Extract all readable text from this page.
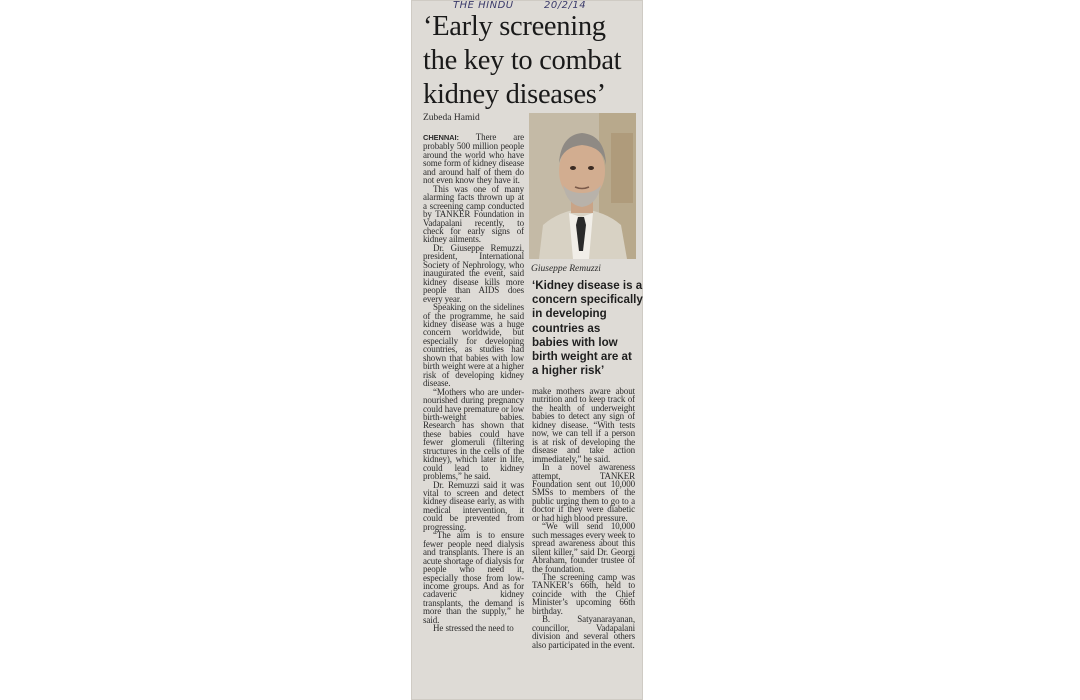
THE HINDU	20/2/14
‘Early screening
the key to combat
kidney diseases’
Zubeda Hamid

CHENNAI: There are probably 500 million people around the world who have some form of kidney disease and around half of them do not even know they have it.

This was one of many alarming facts thrown up at a screening camp conducted by TANKER Foundation in Vadapalani recently, to check for early signs of kidney ailments.

Dr. Giuseppe Remuzzi, president, International Society of Nephrology, who inaugurated the event, said kidney disease kills more people than AIDS does every year.

Speaking on the sidelines of the programme, he said kidney disease was a huge concern worldwide, but especially for developing countries, as studies had shown that babies with low birth weight were at a higher risk of developing kidney disease.

“Mothers who are under-nourished during pregnancy could have premature or low birth-weight babies. Research has shown that these babies could have fewer glomeruli (filtering structures in the cells of the kidney), which later in life, could lead to kidney problems,” he said.

Dr. Remuzzi said it was vital to screen and detect kidney disease early, as with medical intervention, it could be prevented from progressing.

“The aim is to ensure fewer people need dialysis and transplants. There is an acute shortage of dialysis for people who need it, especially those from low-income groups. And as for cadaveric kidney transplants, the demand is more than the supply,” he said.

He stressed the need to

Giuseppe Remuzzi
‘Kidney disease is a
concern specifically
in developing
countries as
babies with low
birth weight are at
a higher risk’

make mothers aware about nutrition and to keep track of the health of underweight babies to detect any sign of kidney disease. “With tests now, we can tell if a person is at risk of developing the disease and take action immediately,” he said.

In a novel awareness attempt, TANKER Foundation sent out 10,000 SMSs to members of the public urging them to go to a doctor if they were diabetic or had high blood pressure.

“We will send 10,000 such messages every week to spread awareness about this silent killer,” said Dr. Georgi Abraham, founder trustee of the foundation.

The screening camp was TANKER’s 66th, held to coincide with the Chief Minister’s upcoming 66th birthday.

B. Satyanarayanan, councillor, Vadapalani division and several others also participated in the event.
